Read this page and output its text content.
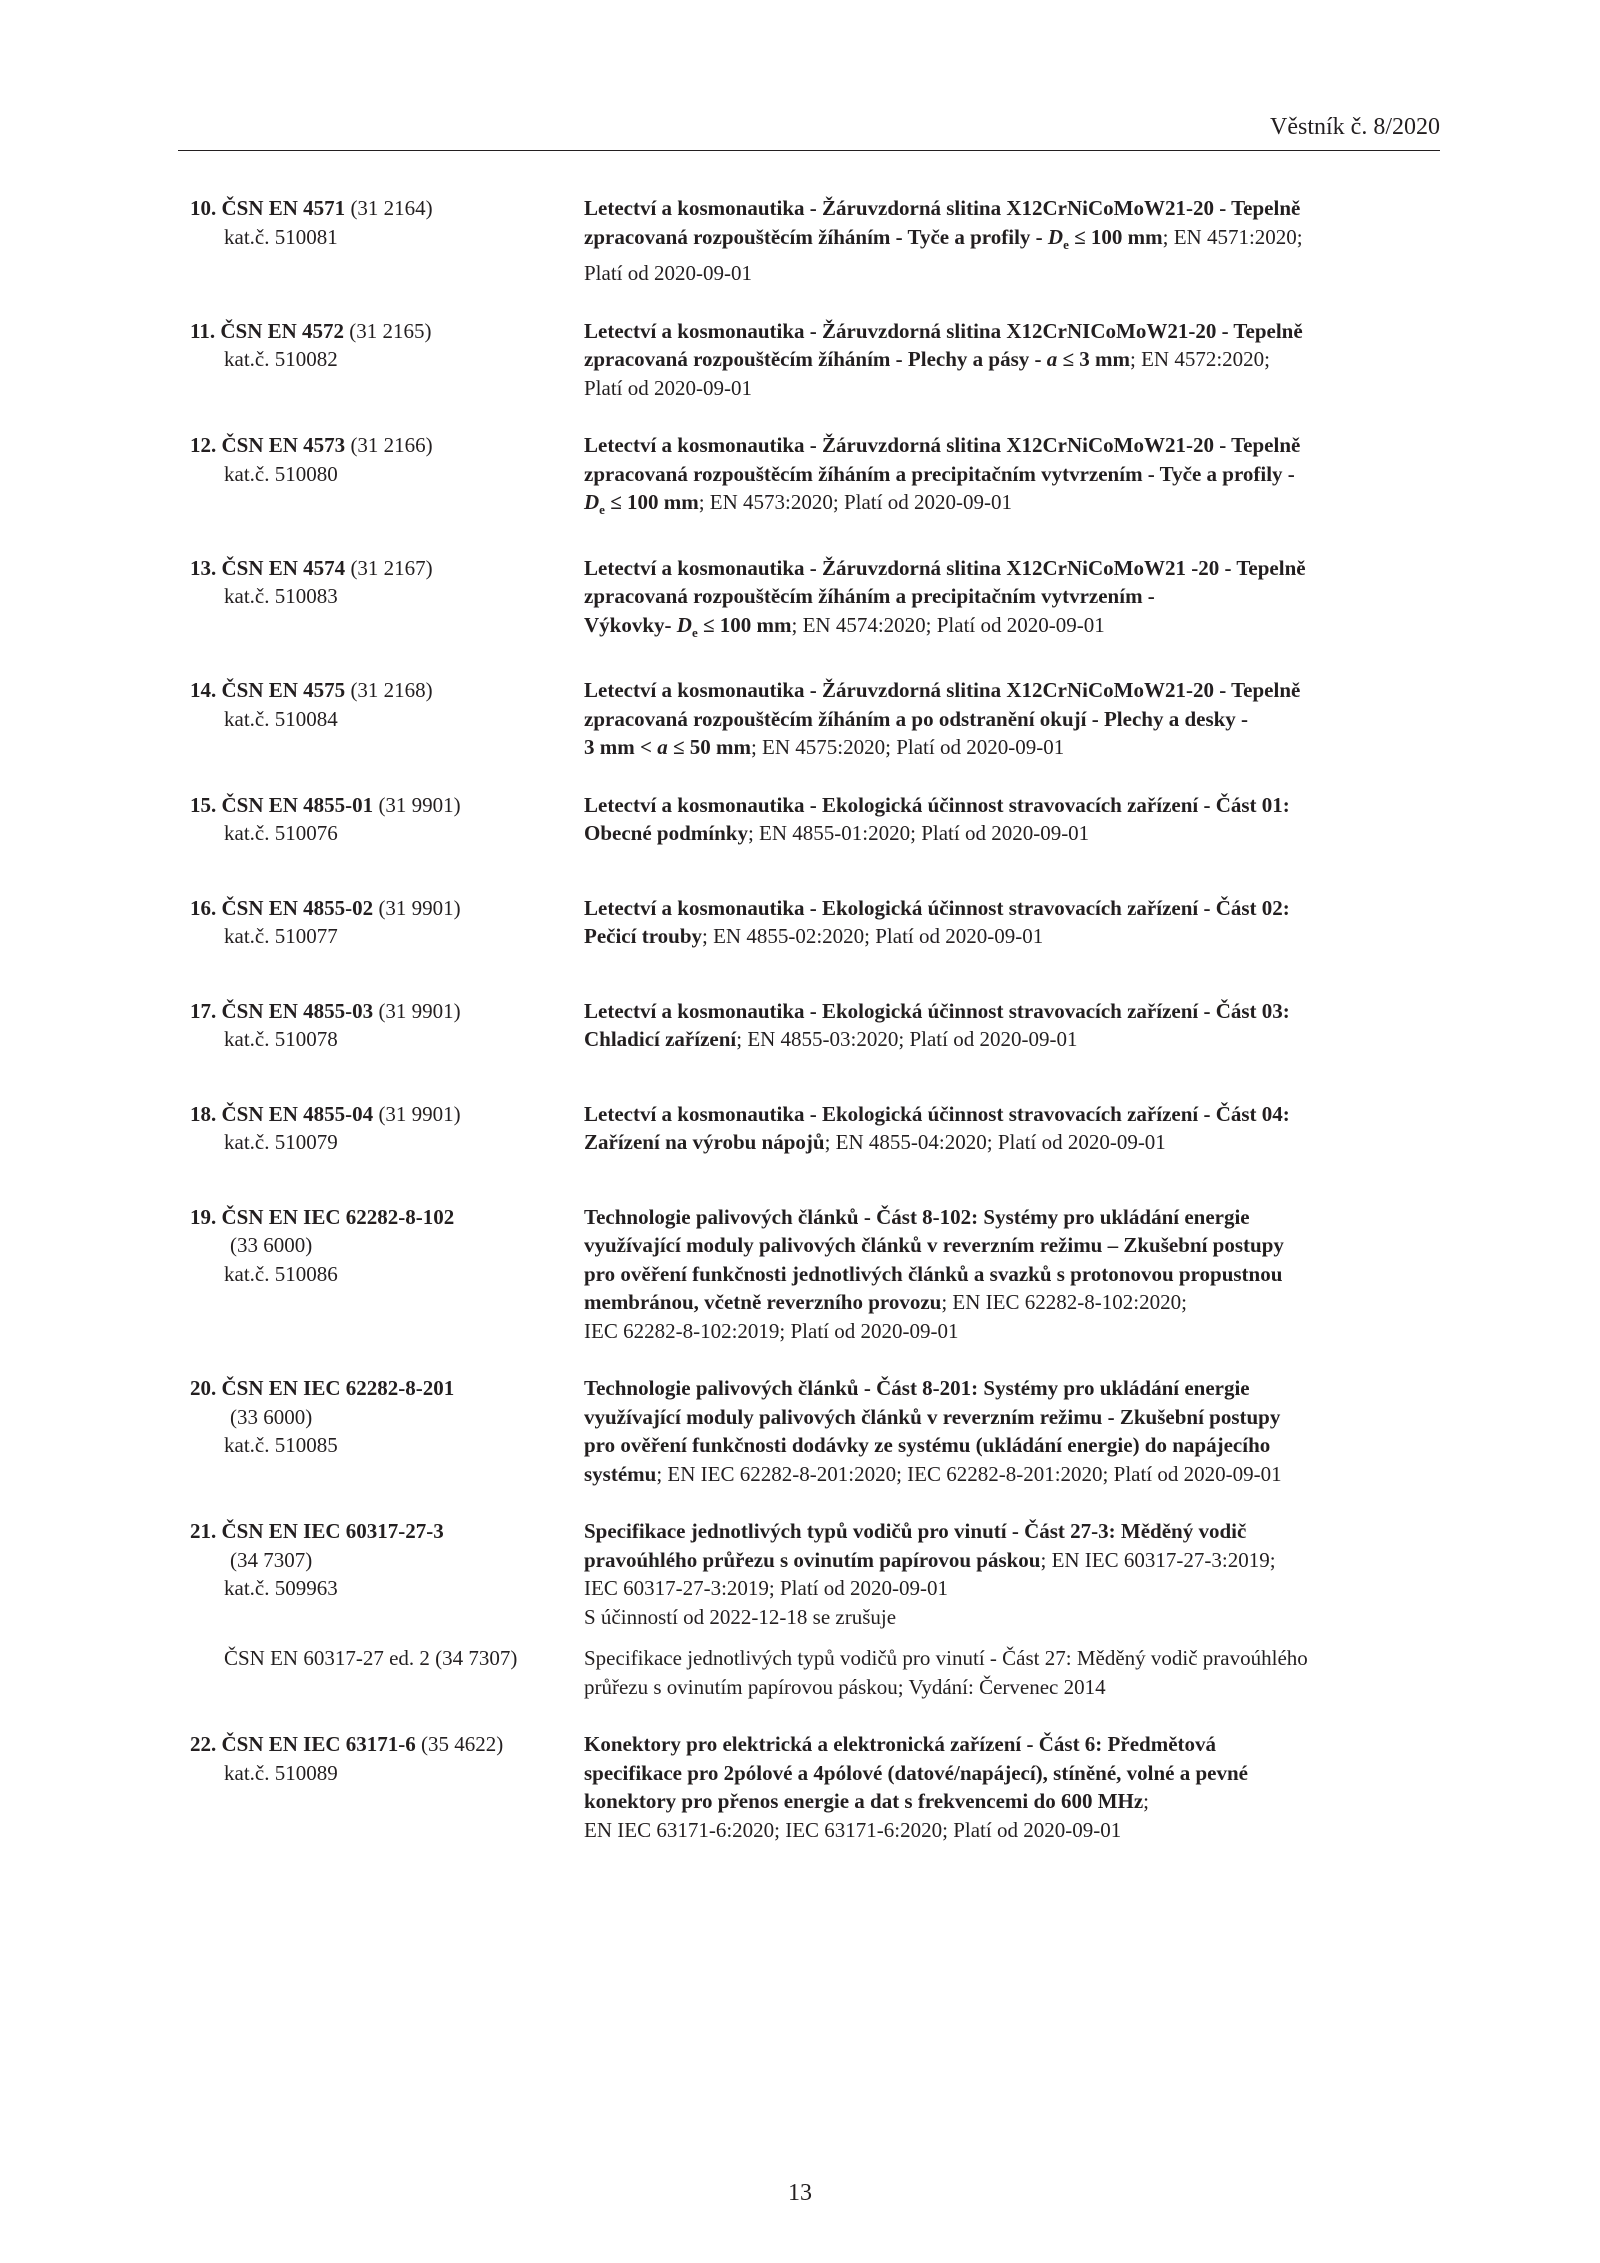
Věstník č. 8/2020
10. ČSN EN 4571 (31 2164)
kat.č. 510081
Letectví a kosmonautika - Žáruvzdorná slitina X12CrNiCoMoW21-20 - Tepelně
zpracovaná rozpouštěcím žíháním - Tyče a profily - $D_e \le 100$ mm; EN 4571:2020;
Platí od 2020-09-01
11. ČSN EN 4572 (31 2165)
kat.č. 510082
Letectví a kosmonautika - Žáruvzdorná slitina X12CrNICoMoW21-20 - Tepelně
zpracovaná rozpouštěcím žíháním - Plechy a pásy - a ≤ 3 mm; EN 4572:2020;
Platí od 2020-09-01
12. ČSN EN 4573 (31 2166)
kat.č. 510080
Letectví a kosmonautika - Žáruvzdorná slitina X12CrNiCoMoW21-20 - Tepelně
zpracovaná rozpouštěcím žíháním a precipitačním vytvrzením - Tyče a profily -
$D_e \le 100$ mm; EN 4573:2020; Platí od 2020-09-01
13. ČSN EN 4574 (31 2167)
kat.č. 510083
Letectví a kosmonautika - Žáruvzdorná slitina X12CrNiCoMoW21 -20 - Tepelně
zpracovaná rozpouštěcím žíháním a precipitačním vytvrzením -
Výkovky- $D_e \le 100$ mm; EN 4574:2020; Platí od 2020-09-01
14. ČSN EN 4575 (31 2168)
kat.č. 510084
Letectví a kosmonautika - Žáruvzdorná slitina X12CrNiCoMoW21-20 - Tepelně
zpracovaná rozpouštěcím žíháním a po odstranění okují - Plechy a desky -
3 mm < a ≤ 50 mm; EN 4575:2020; Platí od 2020-09-01
15. ČSN EN 4855-01 (31 9901)
kat.č. 510076
Letectví a kosmonautika - Ekologická účinnost stravovacích zařízení - Část 01:
Obecné podmínky; EN 4855-01:2020; Platí od 2020-09-01
16. ČSN EN 4855-02 (31 9901)
kat.č. 510077
Letectví a kosmonautika - Ekologická účinnost stravovacích zařízení - Část 02:
Pečicí trouby; EN 4855-02:2020; Platí od 2020-09-01
17. ČSN EN 4855-03 (31 9901)
kat.č. 510078
Letectví a kosmonautika - Ekologická účinnost stravovacích zařízení - Část 03:
Chladicí zařízení; EN 4855-03:2020; Platí od 2020-09-01
18. ČSN EN 4855-04 (31 9901)
kat.č. 510079
Letectví a kosmonautika - Ekologická účinnost stravovacích zařízení - Část 04:
Zařízení na výrobu nápojů; EN 4855-04:2020; Platí od 2020-09-01
19. ČSN EN IEC 62282-8-102
(33 6000)
kat.č. 510086
Technologie palivových článků - Část 8-102: Systémy pro ukládání energie
využívající moduly palivových článků v reverzním režimu – Zkušební postupy
pro ověření funkčnosti jednotlivých článků a svazků s protonovou propustnou
membránou, včetně reverzního provozu; EN IEC 62282-8-102:2020;
IEC 62282-8-102:2019; Platí od 2020-09-01
20. ČSN EN IEC 62282-8-201
(33 6000)
kat.č. 510085
Technologie palivových článků - Část 8-201: Systémy pro ukládání energie
využívající moduly palivových článků v reverzním režimu - Zkušební postupy
pro ověření funkčnosti dodávky ze systému (ukládání energie) do napájecího
systému; EN IEC 62282-8-201:2020; IEC 62282-8-201:2020; Platí od 2020-09-01
21. ČSN EN IEC 60317-27-3
(34 7307)
kat.č. 509963
Specifikace jednotlivých typů vodičů pro vinutí - Část 27-3: Měděný vodič
pravoúhlého průřezu s ovinutím papírovou páskou; EN IEC 60317-27-3:2019;
IEC 60317-27-3:2019; Platí od 2020-09-01
S účinností od 2022-12-18 se zrušuje
ČSN EN 60317-27 ed. 2 (34 7307)	Specifikace jednotlivých typů vodičů pro vinutí - Část 27: Měděný vodič pravoúhlého
průřezu s ovinutím papírovou páskou; Vydání: Červenec 2014
22. ČSN EN IEC 63171-6 (35 4622)
kat.č. 510089
Konektory pro elektrická a elektronická zařízení - Část 6: Předmětová
specifikace pro 2pólové a 4pólové (datové/napájecí), stíněné, volné a pevné
konektory pro přenos energie a dat s frekvencemi do 600 MHz;
EN IEC 63171-6:2020; IEC 63171-6:2020; Platí od 2020-09-01
13
